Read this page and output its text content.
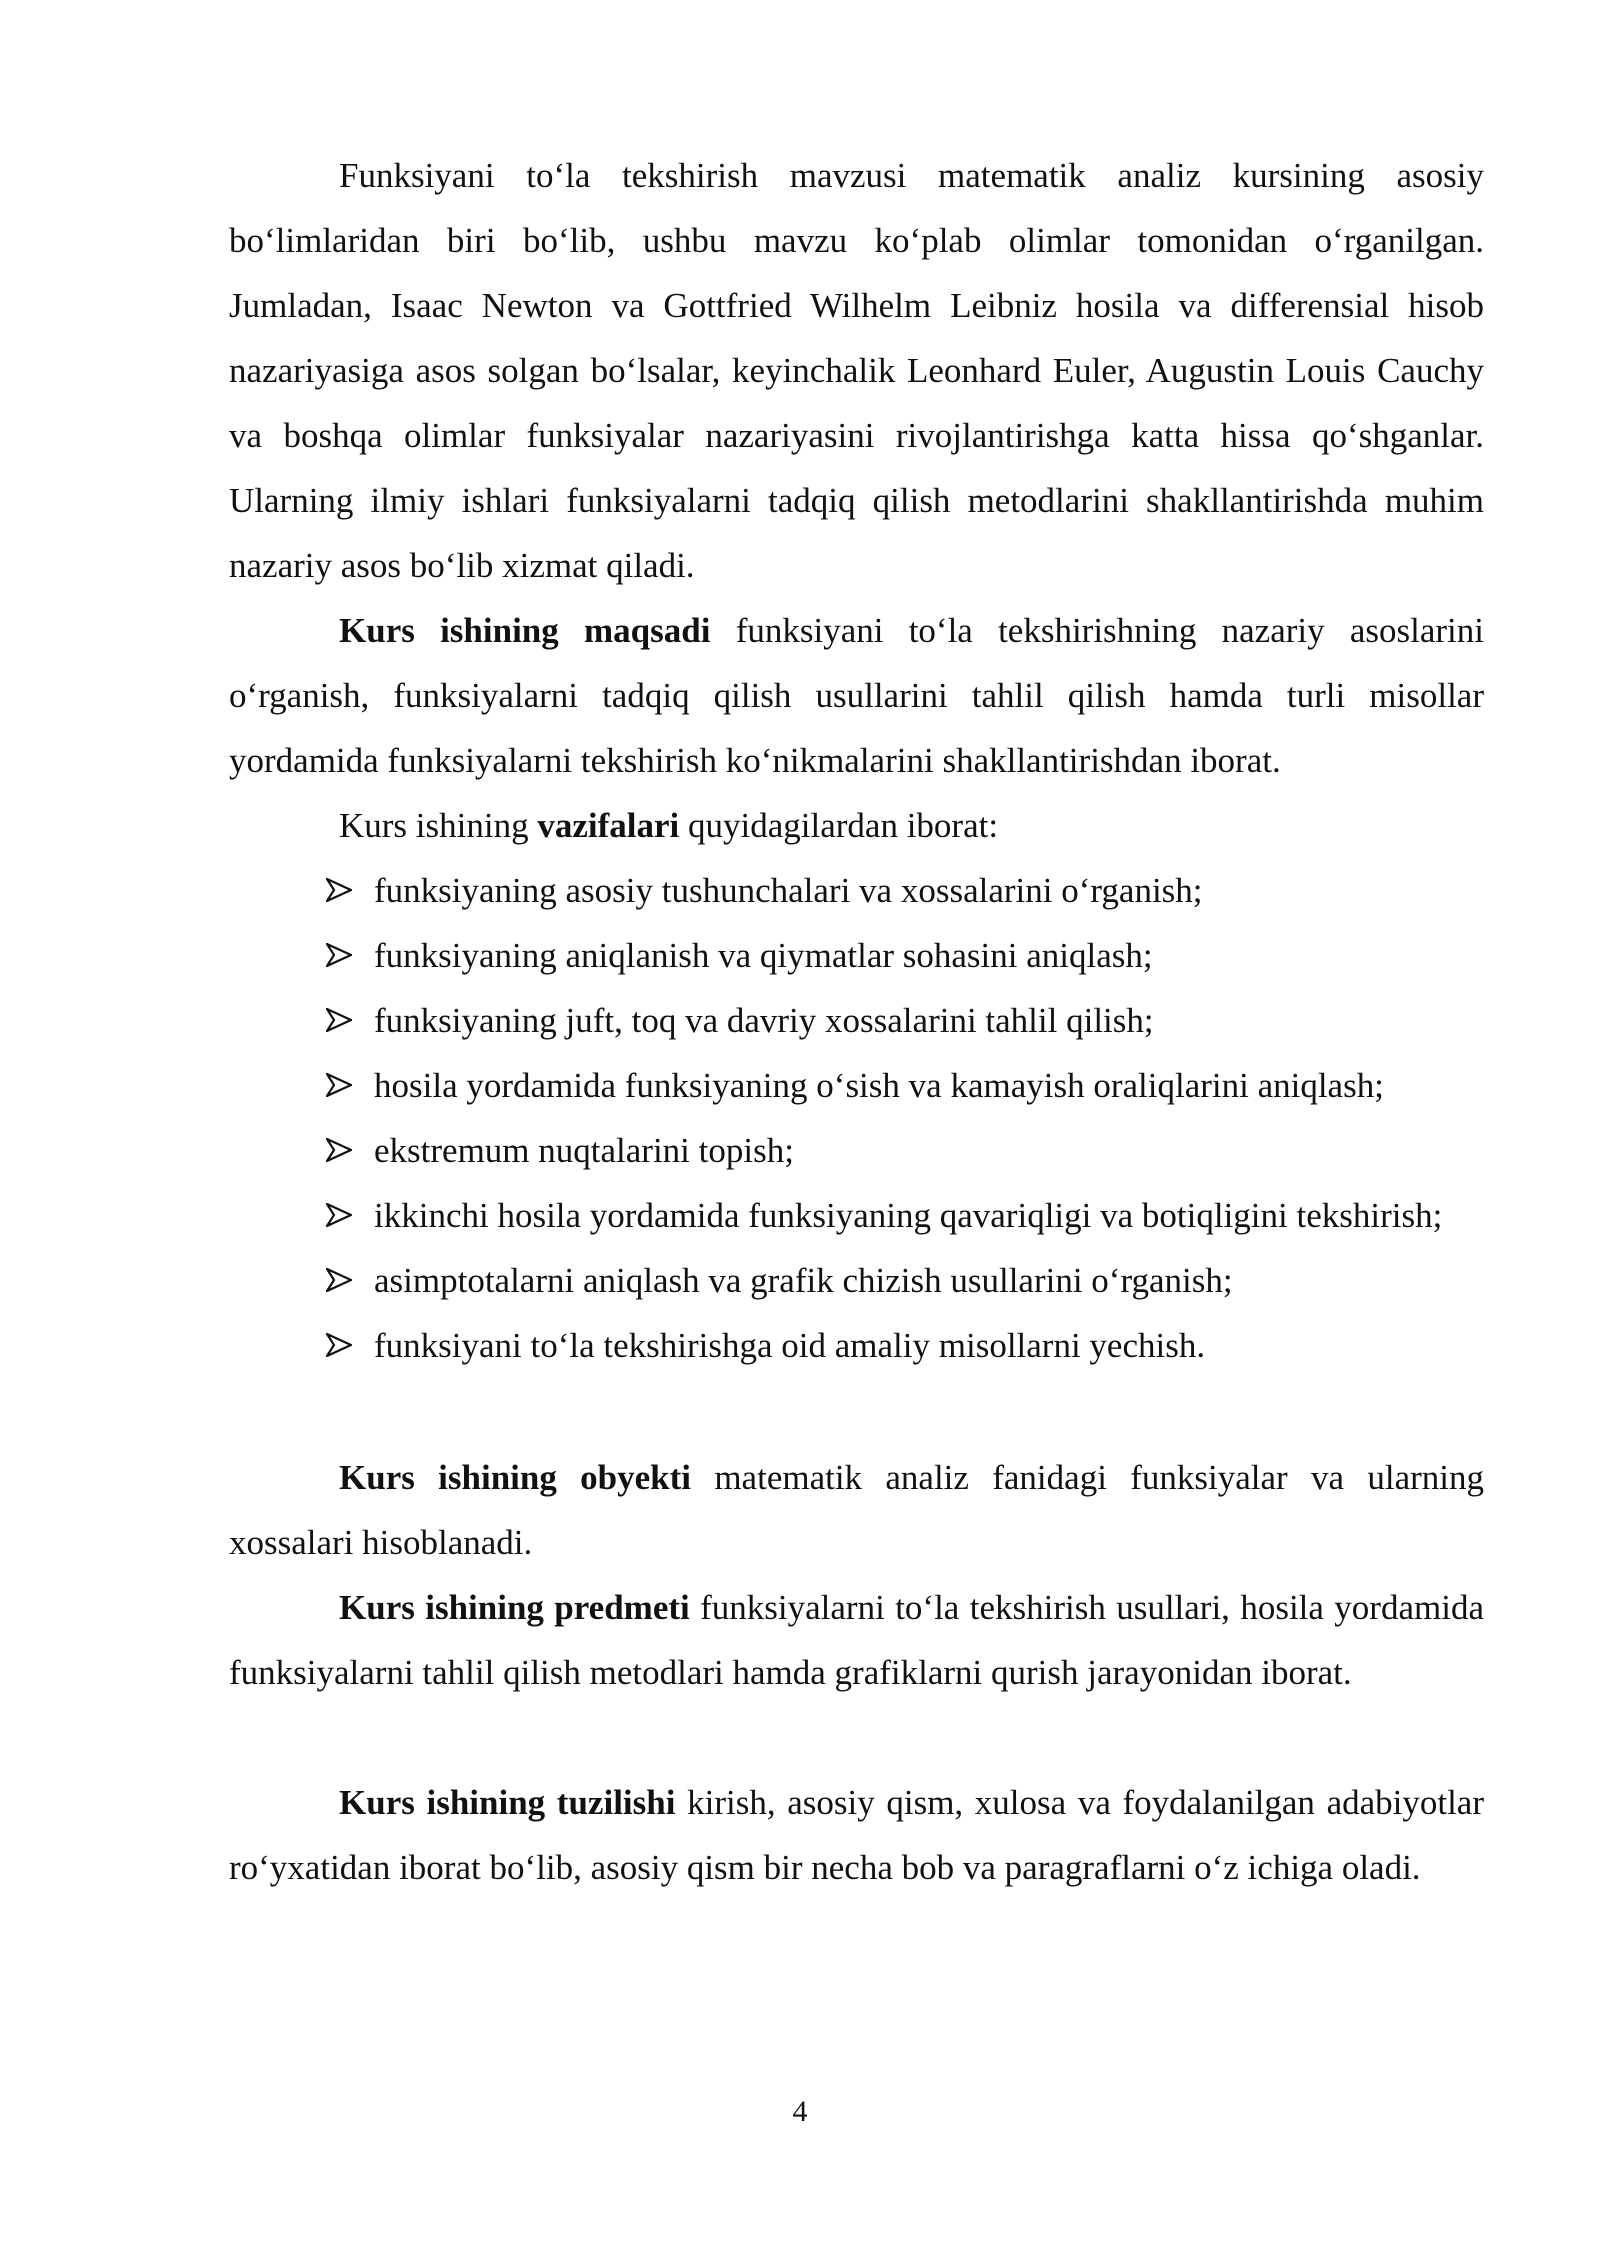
Funksiyani to‘la tekshirish mavzusi matematik analiz kursining asosiy bo‘limlaridan biri bo‘lib, ushbu mavzu ko‘plab olimlar tomonidan o‘rganilgan. Jumladan, Isaac Newton va Gottfried Wilhelm Leibniz hosila va differensial hisob nazariyasiga asos solgan bo‘lsalar, keyinchalik Leonhard Euler, Augustin Louis Cauchy va boshqa olimlar funksiyalar nazariyasini rivojlantirishga katta hissa qo‘shganlar. Ularning ilmiy ishlari funksiyalarni tadqiq qilish metodlarini shakllantirishda muhim nazariy asos bo‘lib xizmat qiladi.

Kurs ishining maqsadi funksiyani to‘la tekshirishning nazariy asoslarini o‘rganish, funksiyalarni tadqiq qilish usullarini tahlil qilish hamda turli misollar yordamida funksiyalarni tekshirish ko‘nikmalarini shakllantirishdan iborat.

Kurs ishining vazifalari quyidagilardan iborat:

funksiyaning asosiy tushunchalari va xossalarini o‘rganish;
funksiyaning aniqlanish va qiymatlar sohasini aniqlash;
funksiyaning juft, toq va davriy xossalarini tahlil qilish;
hosila yordamida funksiyaning o‘sish va kamayish oraliqlarini aniqlash;
ekstremum nuqtalarini topish;
ikkinchi hosila yordamida funksiyaning qavariqligi va botiqligini tekshirish;
asimptotalarni aniqlash va grafik chizish usullarini o‘rganish;
funksiyani to‘la tekshirishga oid amaliy misollarni yechish.

Kurs ishining obyekti matematik analiz fanidagi funksiyalar va ularning xossalari hisoblanadi.

Kurs ishining predmeti funksiyalarni to‘la tekshirish usullari, hosila yordamida funksiyalarni tahlil qilish metodlari hamda grafiklarni qurish jarayonidan iborat.

Kurs ishining tuzilishi kirish, asosiy qism, xulosa va foydalanilgan adabiyotlar ro‘yxatidan iborat bo‘lib, asosiy qism bir necha bob va paragraflarni o‘z ichiga oladi.

4
